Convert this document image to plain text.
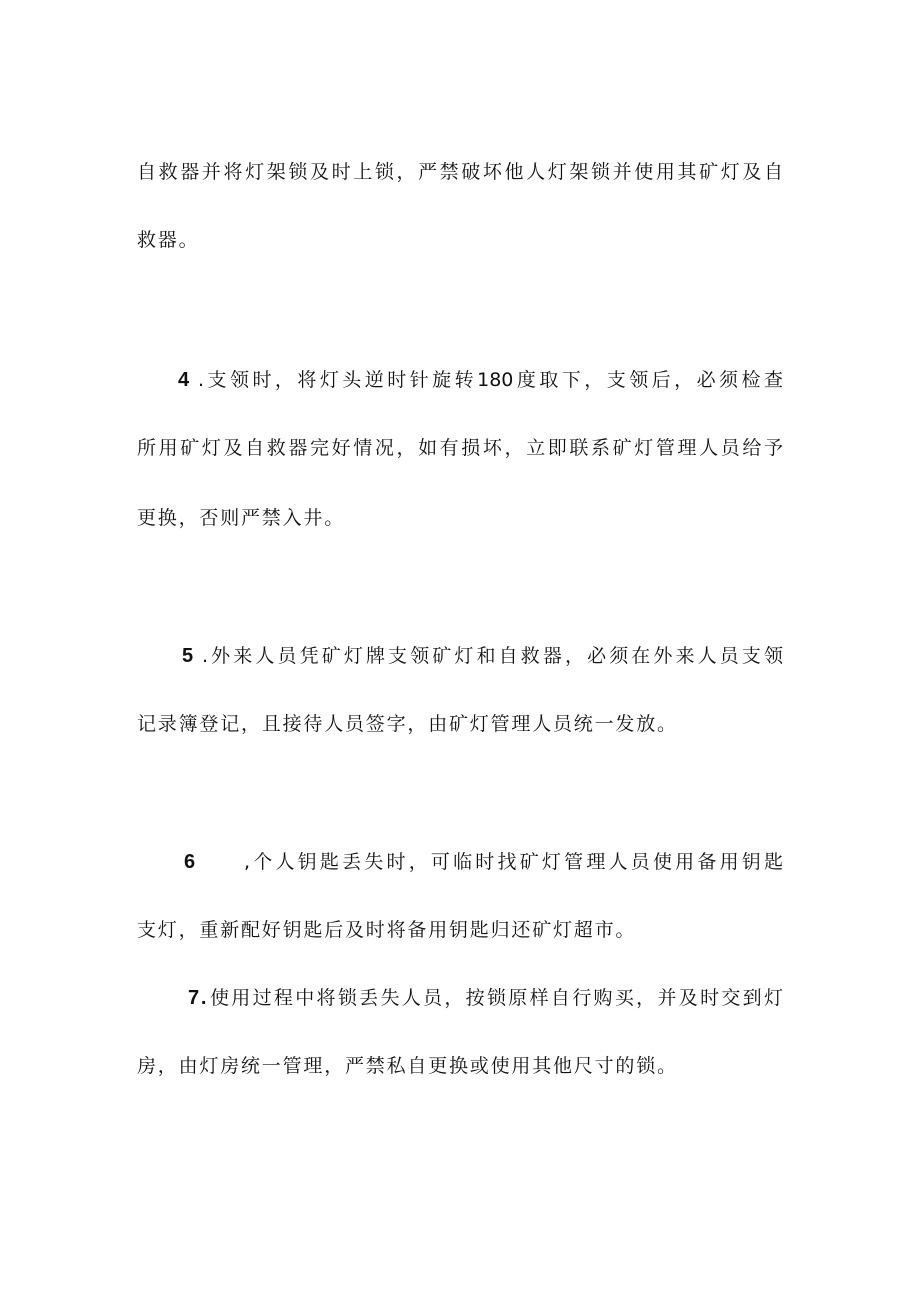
自救器并将灯架锁及时上锁，严禁破坏他人灯架锁并使用其矿灯及自
救器。
4 .支领时，将灯头逆时针旋转180度取下，支领后，必须检查
所用矿灯及自救器完好情况，如有损坏，立即联系矿灯管理人员给予
更换，否则严禁入井。
5 .外来人员凭矿灯牌支领矿灯和自救器，必须在外来人员支领
记录簿登记，且接待人员签字，由矿灯管理人员统一发放。
6 ,个人钥匙丢失时，可临时找矿灯管理人员使用备用钥匙
支灯，重新配好钥匙后及时将备用钥匙归还矿灯超市。
7. 使用过程中将锁丢失人员，按锁原样自行购买，并及时交到灯
房，由灯房统一管理，严禁私自更换或使用其他尺寸的锁。
